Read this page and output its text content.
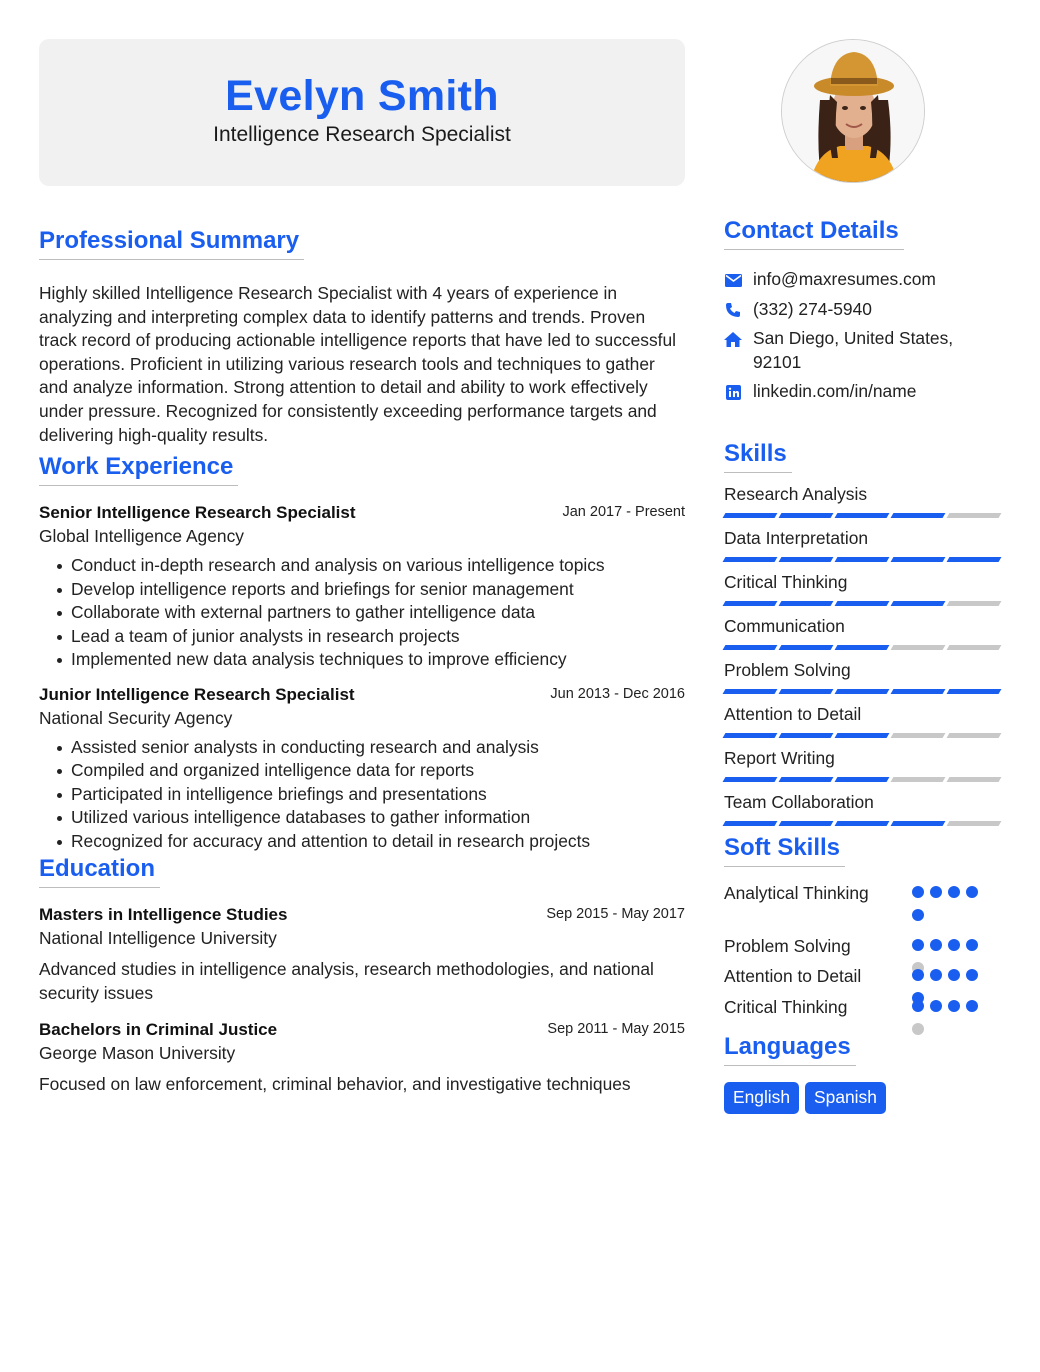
Evelyn Smith
Intelligence Research Specialist
Professional Summary
Highly skilled Intelligence Research Specialist with 4 years of experience in analyzing and interpreting complex data to identify patterns and trends. Proven track record of producing actionable intelligence reports that have led to successful operations. Proficient in utilizing various research tools and techniques to gather and analyze information. Strong attention to detail and ability to work effectively under pressure. Recognized for consistently exceeding performance targets and delivering high-quality results.
Work Experience
Senior Intelligence Research Specialist	Jan 2017 - Present
Global Intelligence Agency
Conduct in-depth research and analysis on various intelligence topics
Develop intelligence reports and briefings for senior management
Collaborate with external partners to gather intelligence data
Lead a team of junior analysts in research projects
Implemented new data analysis techniques to improve efficiency
Junior Intelligence Research Specialist	Jun 2013 - Dec 2016
National Security Agency
Assisted senior analysts in conducting research and analysis
Compiled and organized intelligence data for reports
Participated in intelligence briefings and presentations
Utilized various intelligence databases to gather information
Recognized for accuracy and attention to detail in research projects
Education
Masters in Intelligence Studies	Sep 2015 - May 2017
National Intelligence University
Advanced studies in intelligence analysis, research methodologies, and national security issues
Bachelors in Criminal Justice	Sep 2011 - May 2015
George Mason University
Focused on law enforcement, criminal behavior, and investigative techniques
Contact Details
info@maxresumes.com
(332) 274-5940
San Diego, United States, 92101
linkedin.com/in/name
Skills
Research Analysis
Data Interpretation
Critical Thinking
Communication
Problem Solving
Attention to Detail
Report Writing
Team Collaboration
Soft Skills
Analytical Thinking
Problem Solving
Attention to Detail
Critical Thinking
Languages
English	Spanish
